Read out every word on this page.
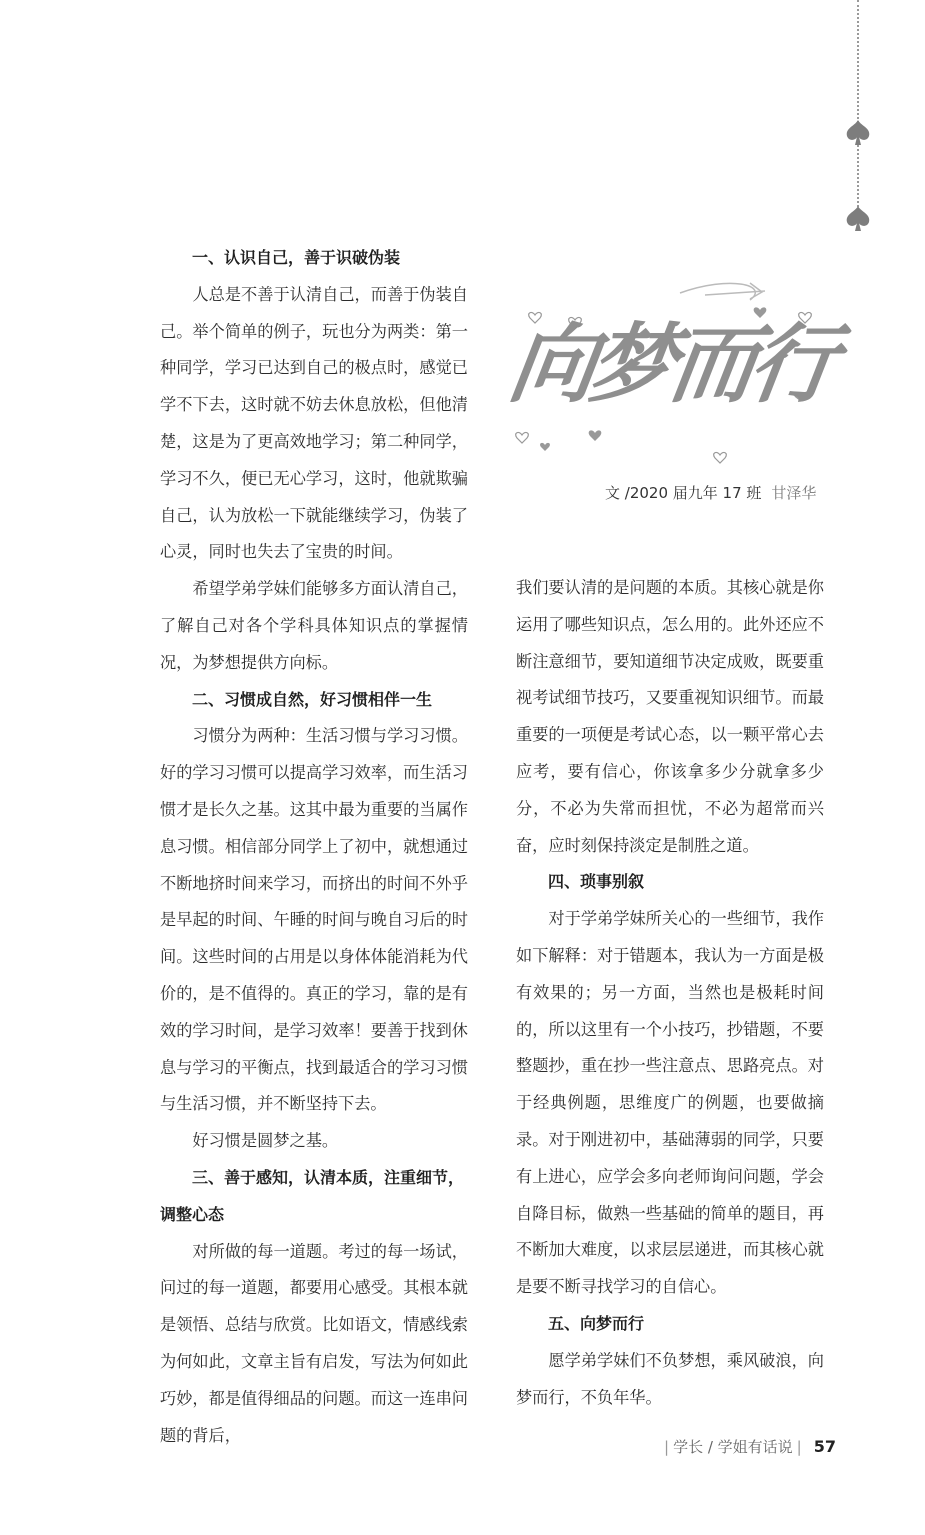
向梦而行
文 /2020 届九年 17 班 甘泽华
一、认识自己，善于识破伪装

人总是不善于认清自己，而善于伪装自己。举个简单的例子，玩也分为两类：第一种同学，学习已达到自己的极点时，感觉已学不下去，这时就不妨去休息放松，但他清楚，这是为了更高效地学习；第二种同学，学习不久，便已无心学习，这时，他就欺骗自己，认为放松一下就能继续学习，伪装了心灵，同时也失去了宝贵的时间。

希望学弟学妹们能够多方面认清自己，了解自己对各个学科具体知识点的掌握情况，为梦想提供方向标。

二、习惯成自然，好习惯相伴一生

习惯分为两种：生活习惯与学习习惯。好的学习习惯可以提高学习效率，而生活习惯才是长久之基。这其中最为重要的当属作息习惯。相信部分同学上了初中，就想通过不断地挤时间来学习，而挤出的时间不外乎是早起的时间、午睡的时间与晚自习后的时间。这些时间的占用是以身体体能消耗为代价的，是不值得的。真正的学习，靠的是有效的学习时间，是学习效率！要善于找到休息与学习的平衡点，找到最适合的学习习惯与生活习惯，并不断坚持下去。

好习惯是圆梦之基。

三、善于感知，认清本质，注重细节，调整心态

对所做的每一道题。考过的每一场试，问过的每一道题，都要用心感受。其根本就是领悟、总结与欣赏。比如语文，情感线索为何如此，文章主旨有启发，写法为何如此巧妙，都是值得细品的问题。而这一连串问题的背后，

我们要认清的是问题的本质。其核心就是你运用了哪些知识点，怎么用的。此外还应不断注意细节，要知道细节决定成败，既要重视考试细节技巧，又要重视知识细节。而最重要的一项便是考试心态，以一颗平常心去应考，要有信心，你该拿多少分就拿多少分，不必为失常而担忧，不必为超常而兴奋，应时刻保持淡定是制胜之道。

四、琐事别叙

对于学弟学妹所关心的一些细节，我作如下解释：对于错题本，我认为一方面是极有效果的；另一方面，当然也是极耗时间的，所以这里有一个小技巧，抄错题，不要整题抄，重在抄一些注意点、思路亮点。对于经典例题，思维度广的例题，也要做摘录。对于刚进初中，基础薄弱的同学，只要有上进心，应学会多向老师询问问题，学会自降目标，做熟一些基础的简单的题目，再不断加大难度，以求层层递进，而其核心就是要不断寻找学习的自信心。

五、向梦而行

愿学弟学妹们不负梦想，乘风破浪，向梦而行，不负年华。

| 学长 / 学姐有话说 | 57
